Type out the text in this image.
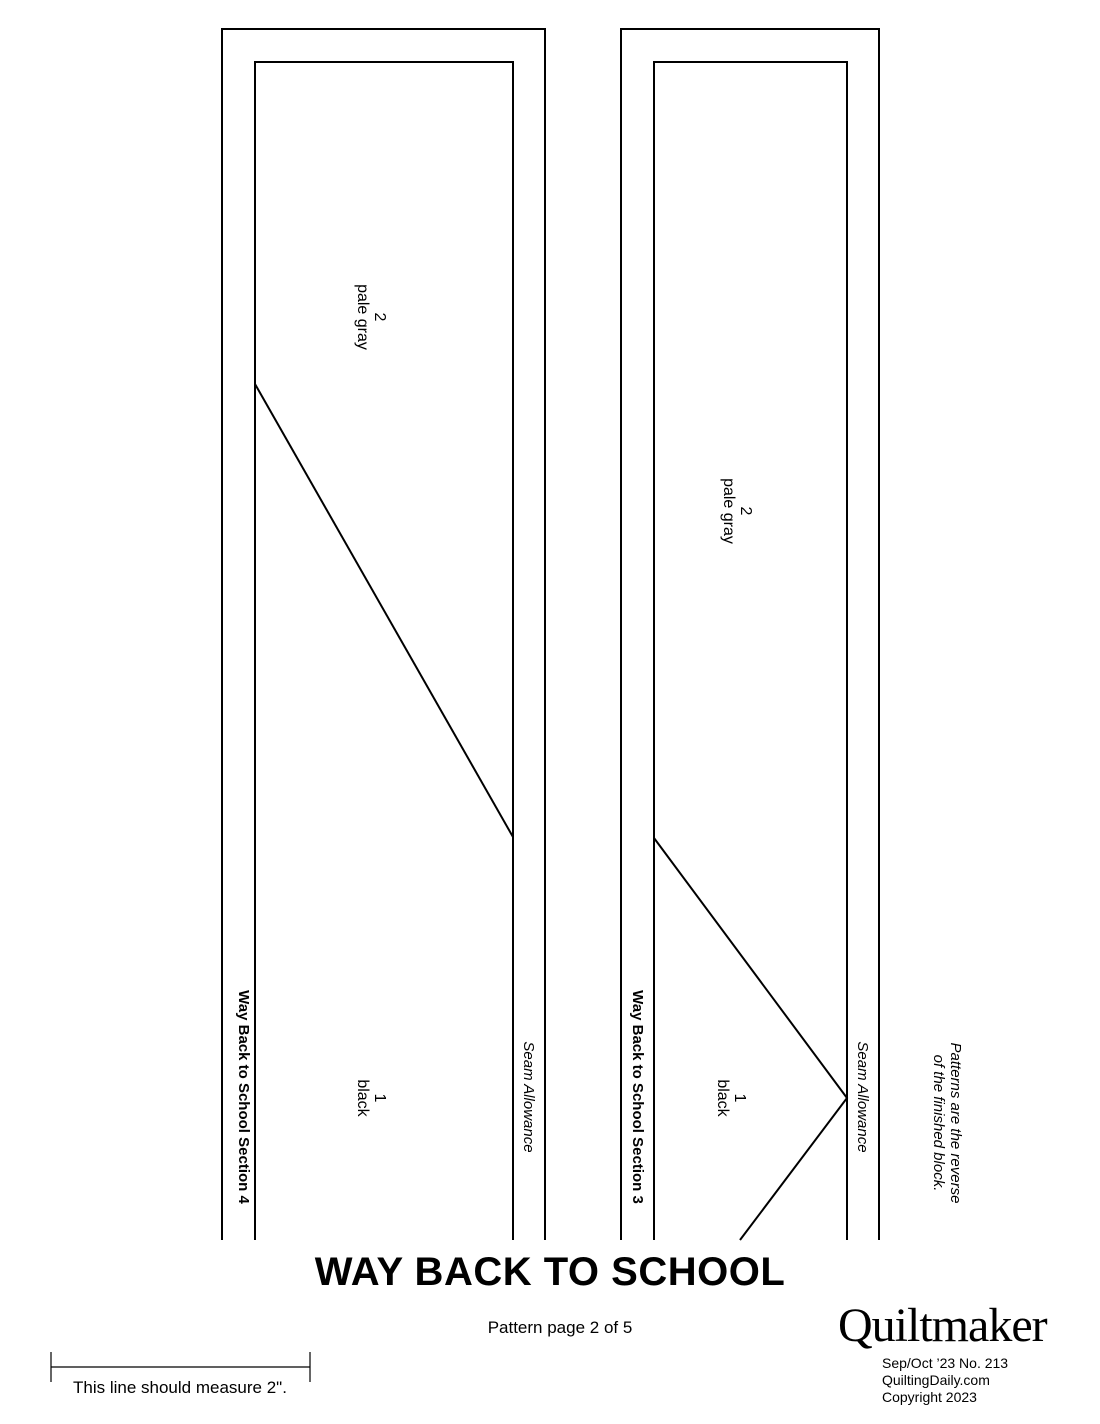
2
pale gray
1
black
Way Back to School Section 4	Seam Allowance
2
pale gray
1
black
Way Back to School Section 3	Seam Allowance	Patterns are the reverse
of the finished block.
WAY BACK TO SCHOOL
Pattern page 2 of 5
This line should measure 2".
Quiltmaker
Sep/Oct ’23 No. 213
QuiltingDaily.com
Copyright 2023
